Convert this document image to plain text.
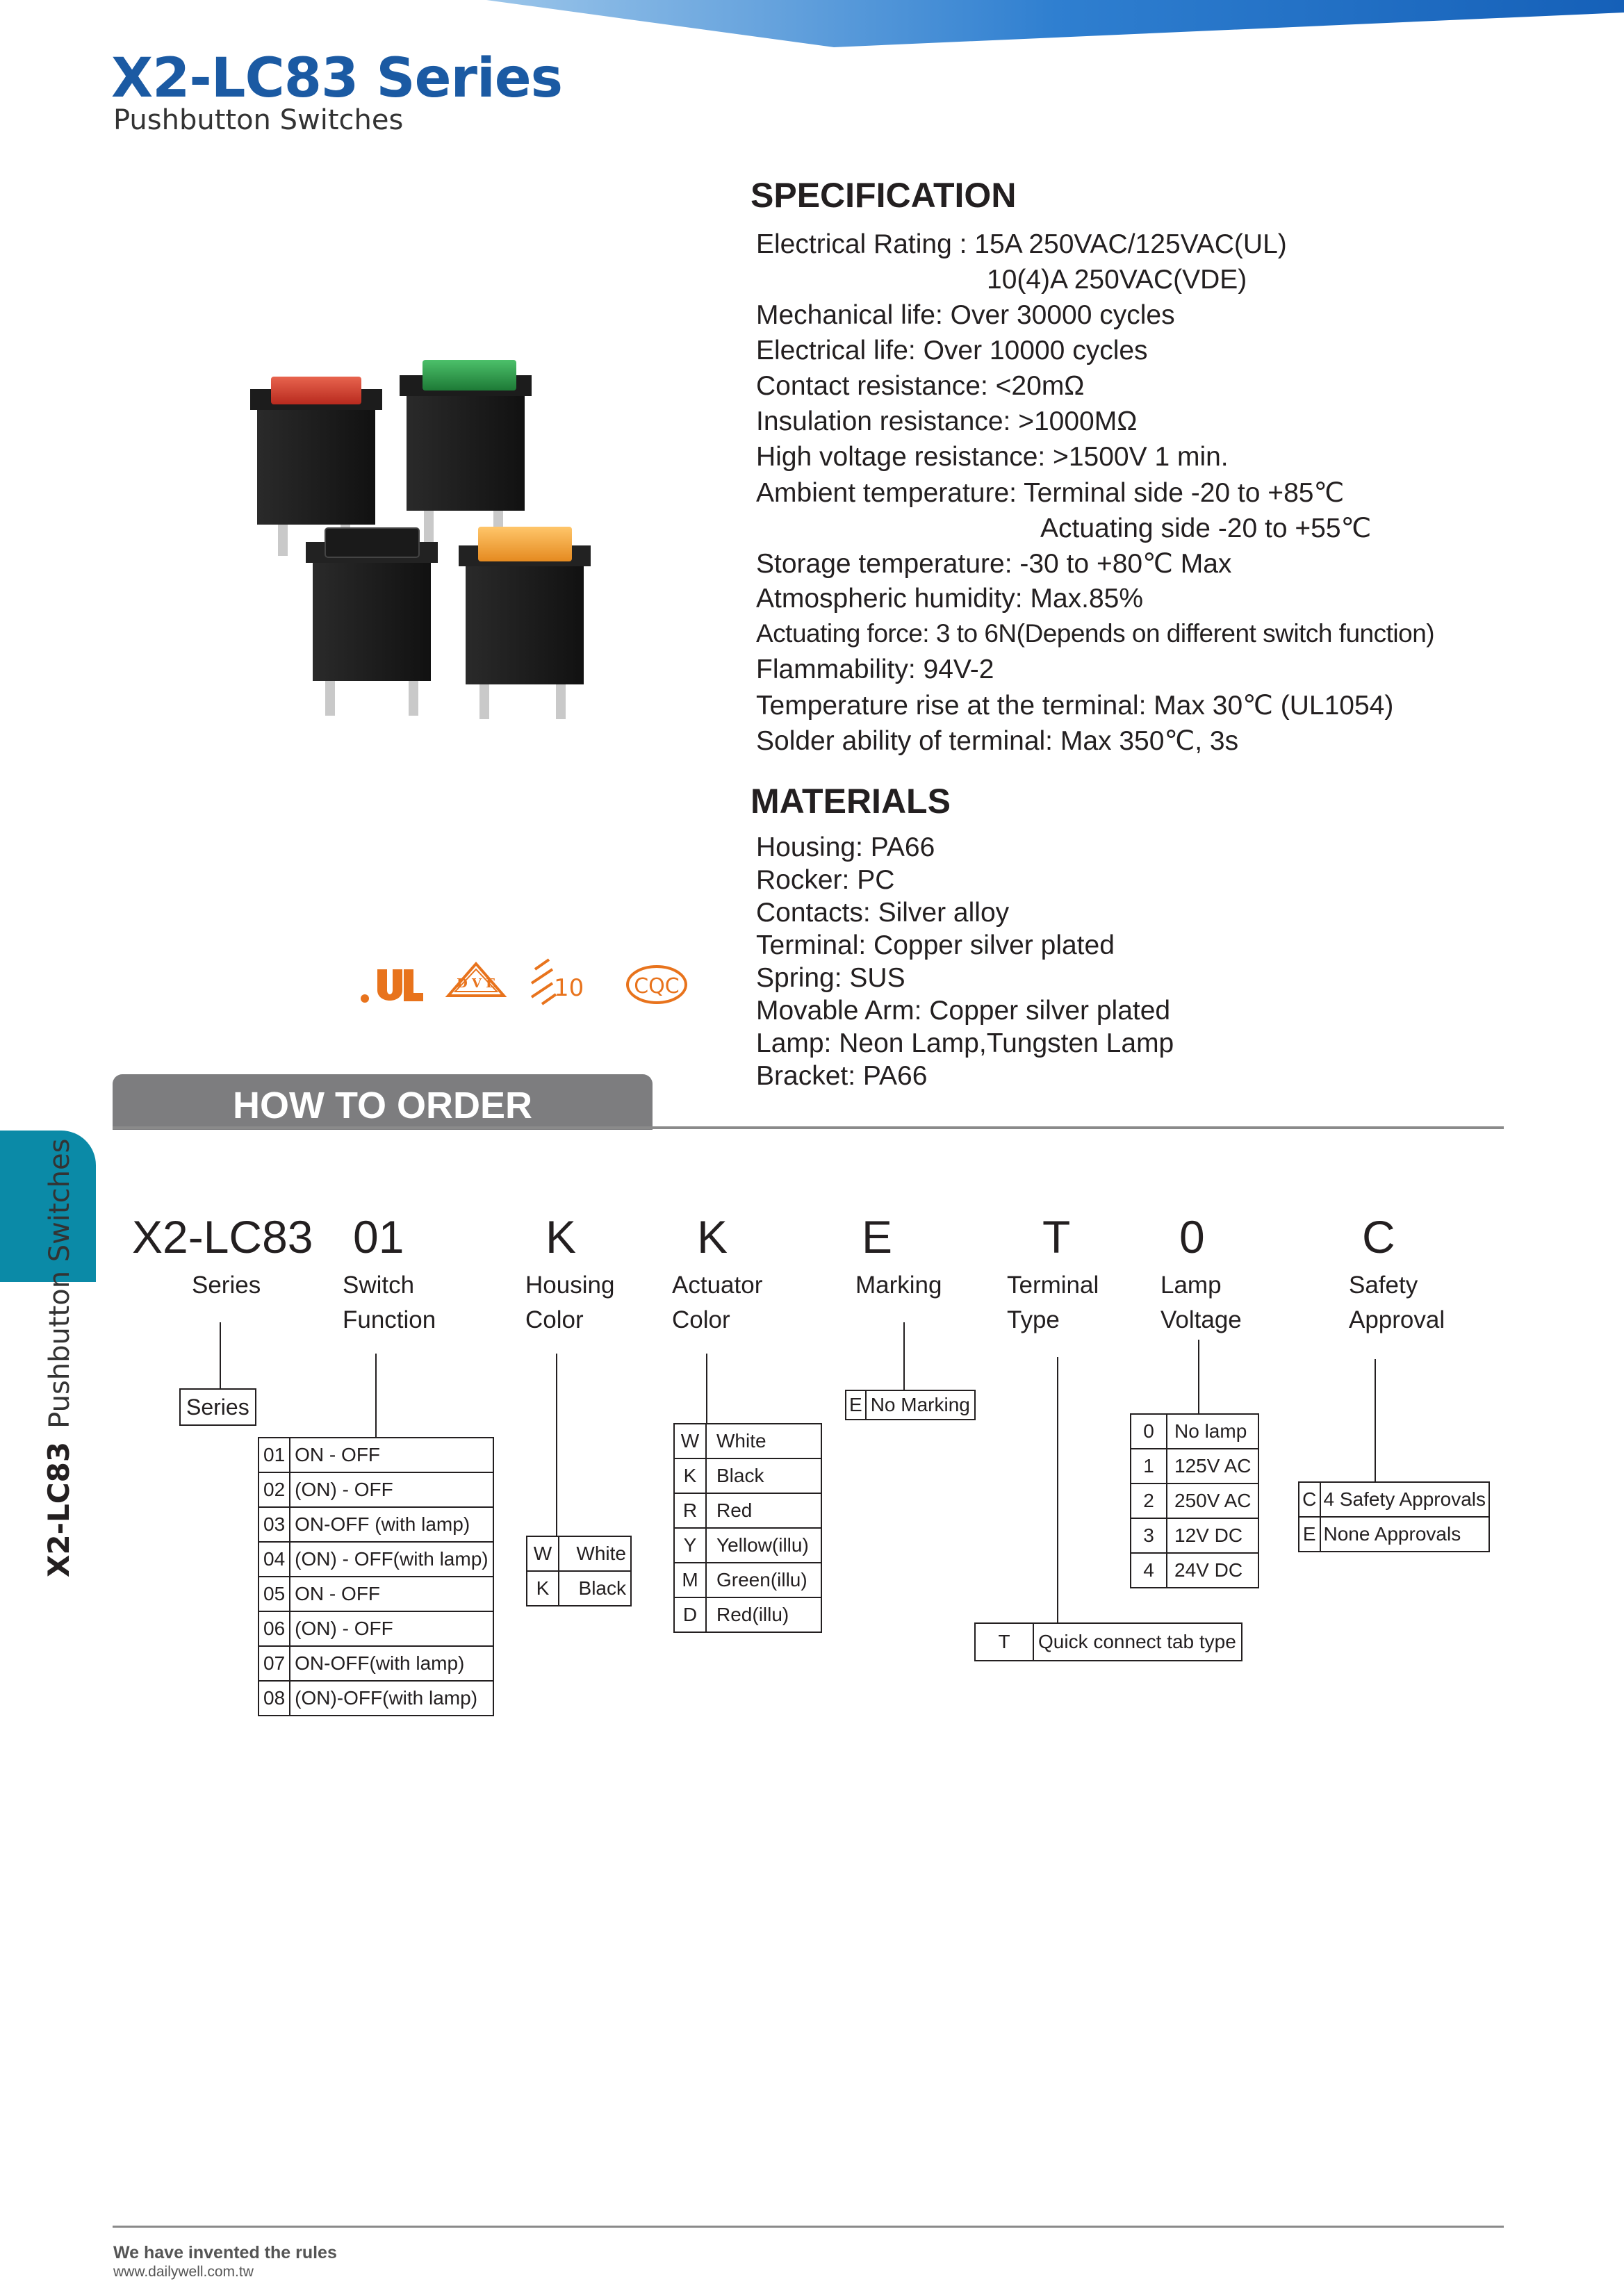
X2-LC83 Series
Pushbutton Switches
D V E 10 CQC
SPECIFICATION
Electrical Rating : 15A 250VAC/125VAC(UL)
10(4)A 250VAC(VDE)
Mechanical life: Over 30000 cycles
Electrical life: Over 10000 cycles
Contact resistance: <20mΩ
Insulation resistance: >1000MΩ
High voltage resistance: >1500V 1 min.
Ambient temperature: Terminal side -20 to +85℃
Actuating side -20 to +55℃
Storage temperature: -30 to +80℃ Max
Atmospheric humidity: Max.85%
Actuating force: 3 to 6N(Depends on different switch function)
Flammability: 94V-2
Temperature rise at the terminal: Max 30℃ (UL1054)
Solder ability of terminal: Max 350℃, 3s
MATERIALS
Housing: PA66
Rocker: PC
Contacts: Silver alloy
Terminal: Copper silver plated
Spring: SUS
Movable Arm: Copper silver plated
Lamp: Neon Lamp,Tungsten Lamp
Bracket: PA66
HOW TO ORDER
X2-LC83 Pushbutton Switches X2-LC83 01	K	K	E	T 0	C
Series	Switch
Function
Housing
Color
Actuator
Color
Marking	Terminal
Type
Lamp
Voltage
Safety
Approval
Series
01	ON - OFF
02	(ON) - OFF
03	ON-OFF (with lamp)
04	(ON) - OFF(with lamp)
05	ON - OFF
06	(ON) - OFF
07	ON-OFF(with lamp)
08	(ON)-OFF(with lamp)
W	White
K	Black
W	White
K	Black
R	Red
Y	Yellow(illu)
M	Green(illu)
D	Red(illu)
E	No Marking
T	Quick connect tab type
0	No lamp
1	125V AC
2	250V AC
3	12V DC
4	24V DC
C	4 Safety Approvals
E	None Approvals
We have invented the rules
www.dailywell.com.tw
